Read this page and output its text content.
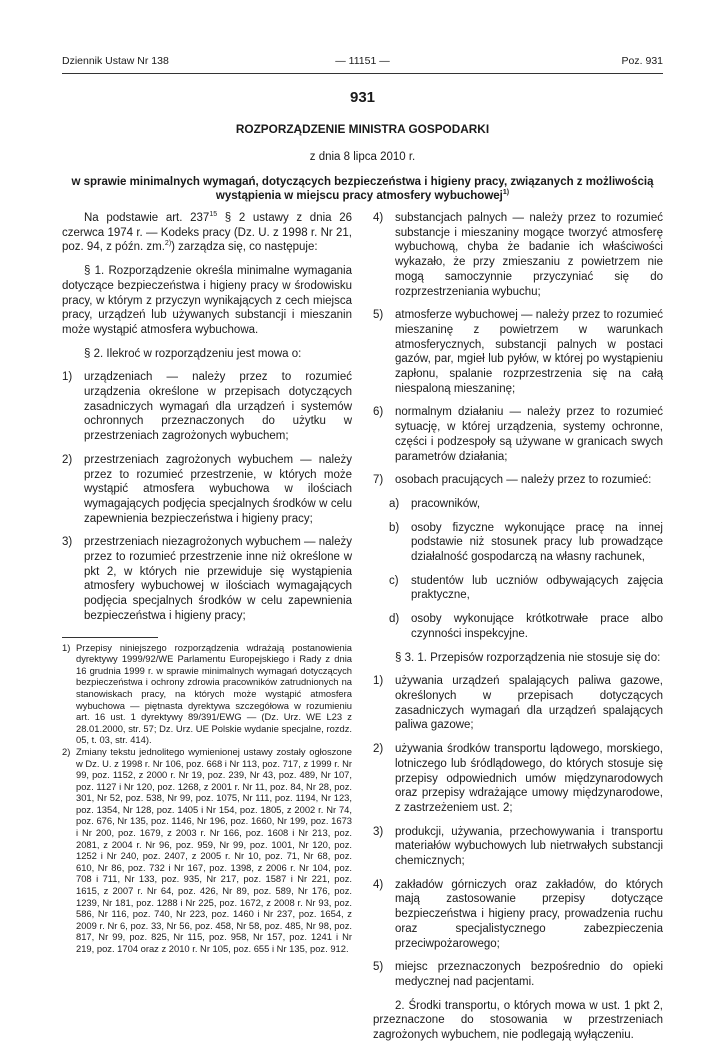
Dziennik Ustaw Nr 138	— 11151 —	Poz. 931
931
ROZPORZĄDZENIE MINISTRA GOSPODARKI
z dnia 8 lipca 2010 r.
w sprawie minimalnych wymagań, dotyczących bezpieczeństwa i higieny pracy, związanych z możliwością wystąpienia w miejscu pracy atmosfery wybuchowej$^{1)}$

Na podstawie art. $237^{15}$ § 2 ustawy z dnia 26 czerwca 1974 r. — Kodeks pracy (Dz. U. z 1998 r. Nr 21, poz. 94, z późn. zm.$^{2)}$) zarządza się, co następuje:

§ 1. Rozporządzenie określa minimalne wymagania dotyczące bezpieczeństwa i higieny pracy w środowisku pracy, w którym z przyczyn wynikających z cech miejsca pracy, urządzeń lub używanych substancji i mieszanin może wystąpić atmosfera wybuchowa.

§ 2. Ilekroć w rozporządzeniu jest mowa o:

1)	urządzeniach — należy przez to rozumieć urządzenia określone w przepisach dotyczących zasadniczych wymagań dla urządzeń i systemów ochronnych przeznaczonych do użytku w przestrzeniach zagrożonych wybuchem;
2)	przestrzeniach zagrożonych wybuchem — należy przez to rozumieć przestrzenie, w których może wystąpić atmosfera wybuchowa w ilościach wymagających podjęcia specjalnych środków w celu zapewnienia bezpieczeństwa i higieny pracy;
3)	przestrzeniach niezagrożonych wybuchem — należy przez to rozumieć przestrzenie inne niż określone w pkt 2, w których nie przewiduje się wystąpienia atmosfery wybuchowej w ilościach wymagających podjęcia specjalnych środków w celu zapewnienia bezpieczeństwa i higieny pracy;
1) Przepisy niniejszego rozporządzenia wdrażają postanowienia dyrektywy 1999/92/WE Parlamentu Europejskiego i Rady z dnia 16 grudnia 1999 r. w sprawie minimalnych wymagań dotyczących bezpieczeństwa i ochrony zdrowia pracowników zatrudnionych na stanowiskach pracy, na których może wystąpić atmosfera wybuchowa — piętnasta dyrektywa szczegółowa w rozumieniu art. 16 ust. 1 dyrektywy 89/391/EWG — (Dz. Urz. WE L23 z 28.01.2000, str. 57; Dz. Urz. UE Polskie wydanie specjalne, rozdz. 05, t. 03, str. 414).
2) Zmiany tekstu jednolitego wymienionej ustawy zostały ogłoszone w Dz. U. z 1998 r. Nr 106, poz. 668 i Nr 113, poz. 717, z 1999 r. Nr 99, poz. 1152, z 2000 r. Nr 19, poz. 239, Nr 43, poz. 489, Nr 107, poz. 1127 i Nr 120, poz. 1268, z 2001 r. Nr 11, poz. 84, Nr 28, poz. 301, Nr 52, poz. 538, Nr 99, poz. 1075, Nr 111, poz. 1194, Nr 123, poz. 1354, Nr 128, poz. 1405 i Nr 154, poz. 1805, z 2002 r. Nr 74, poz. 676, Nr 135, poz. 1146, Nr 196, poz. 1660, Nr 199, poz. 1673 i Nr 200, poz. 1679, z 2003 r. Nr 166, poz. 1608 i Nr 213, poz. 2081, z 2004 r. Nr 96, poz. 959, Nr 99, poz. 1001, Nr 120, poz. 1252 i Nr 240, poz. 2407, z 2005 r. Nr 10, poz. 71, Nr 68, poz. 610, Nr 86, poz. 732 i Nr 167, poz. 1398, z 2006 r. Nr 104, poz. 708 i 711, Nr 133, poz. 935, Nr 217, poz. 1587 i Nr 221, poz. 1615, z 2007 r. Nr 64, poz. 426, Nr 89, poz. 589, Nr 176, poz. 1239, Nr 181, poz. 1288 i Nr 225, poz. 1672, z 2008 r. Nr 93, poz. 586, Nr 116, poz. 740, Nr 223, poz. 1460 i Nr 237, poz. 1654, z 2009 r. Nr 6, poz. 33, Nr 56, poz. 458, Nr 58, poz. 485, Nr 98, poz. 817, Nr 99, poz. 825, Nr 115, poz. 958, Nr 157, poz. 1241 i Nr 219, poz. 1704 oraz z 2010 r. Nr 105, poz. 655 i Nr 135, poz. 912.
4)	substancjach palnych — należy przez to rozumieć substancje i mieszaniny mogące tworzyć atmosferę wybuchową, chyba że badanie ich właściwości wykazało, że przy zmieszaniu z powietrzem nie mogą samoczynnie przyczyniać się do rozprzestrzeniania wybuchu;
5)	atmosferze wybuchowej — należy przez to rozumieć mieszaninę z powietrzem w warunkach atmosferycznych, substancji palnych w postaci gazów, par, mgieł lub pyłów, w której po wystąpieniu zapłonu, spalanie rozprzestrzenia się na całą niespaloną mieszaninę;
6)	normalnym działaniu — należy przez to rozumieć sytuację, w której urządzenia, systemy ochronne, części i podzespoły są używane w granicach swych parametrów działania;
7)	osobach pracujących — należy przez to rozumieć:
a)	pracowników,
b)	osoby fizyczne wykonujące pracę na innej podstawie niż stosunek pracy lub prowadzące działalność gospodarczą na własny rachunek,
c)	studentów lub uczniów odbywających zajęcia praktyczne,
d)	osoby wykonujące krótkotrwałe prace albo czynności inspekcyjne.

§ 3. 1. Przepisów rozporządzenia nie stosuje się do:

1)	używania urządzeń spalających paliwa gazowe, określonych w przepisach dotyczących zasadniczych wymagań dla urządzeń spalających paliwa gazowe;
2)	używania środków transportu lądowego, morskiego, lotniczego lub śródlądowego, do których stosuje się przepisy odpowiednich umów międzynarodowych oraz przepisy wdrażające umowy międzynarodowe, z zastrzeżeniem ust. 2;
3)	produkcji, używania, przechowywania i transportu materiałów wybuchowych lub nietrwałych substancji chemicznych;
4)	zakładów górniczych oraz zakładów, do których mają zastosowanie przepisy dotyczące bezpieczeństwa i higieny pracy, prowadzenia ruchu oraz specjalistycznego zabezpieczenia przeciwpożarowego;
5)	miejsc przeznaczonych bezpośrednio do opieki medycznej nad pacjentami.

2. Środki transportu, o których mowa w ust. 1 pkt 2, przeznaczone do stosowania w przestrzeniach zagrożonych wybuchem, nie podlegają wyłączeniu.
